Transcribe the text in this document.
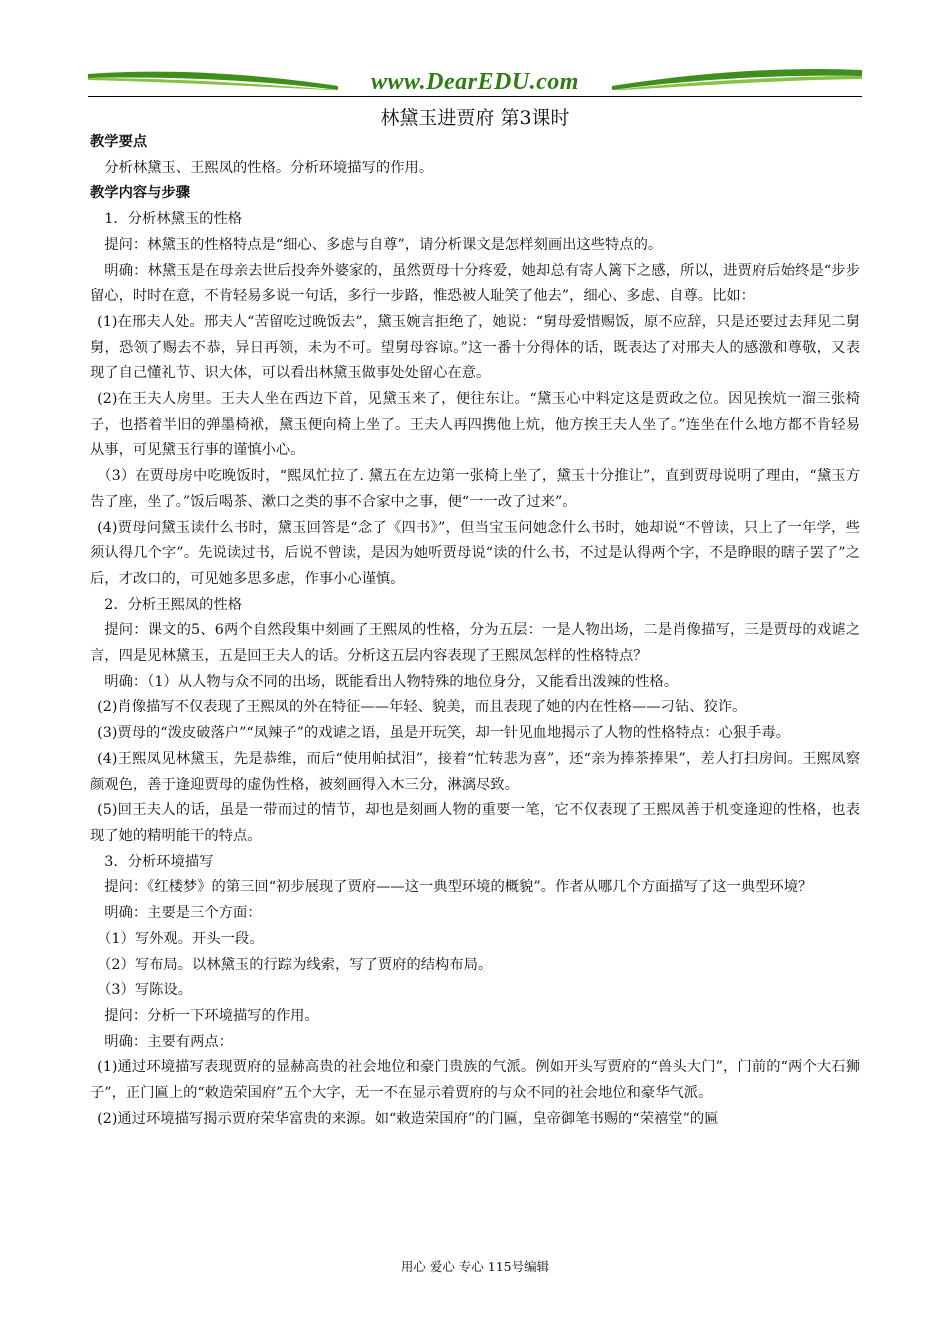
www.DearEDU.com
林黛玉进贾府 第3课时

教学要点

分析林黛玉、王熙凤的性格。分析环境描写的作用。

教学内容与步骤

1．分析林黛玉的性格

提问：林黛玉的性格特点是“细心、多虑与自尊”，请分析课文是怎样刻画出这些特点的。

明确：林黛玉是在母亲去世后投奔外婆家的，虽然贾母十分疼爱，她却总有寄人篱下之感，所以，进贾府后始终是“步步留心，时时在意，不肯轻易多说一句话，多行一步路，惟恐被人耻笑了他去”，细心、多虑、自尊。比如：

(1)在邢夫人处。邢夫人“苦留吃过晚饭去”，黛玉婉言拒绝了，她说：“舅母爱惜赐饭，原不应辞，只是还要过去拜见二舅舅，恐领了赐去不恭，异日再领，未为不可。望舅母容谅。”这一番十分得体的话，既表达了对邢夫人的感激和尊敬，又表现了自己懂礼节、识大体，可以看出林黛玉做事处处留心在意。

(2)在王夫人房里。王夫人坐在西边下首，见黛玉来了，便往东让。“黛玉心中料定这是贾政之位。因见挨炕一溜三张椅子，也搭着半旧的弹墨椅袱，黛玉便向椅上坐了。王夫人再四携他上炕，他方挨王夫人坐了。”连坐在什么地方都不肯轻易从事，可见黛玉行事的谨慎小心。

（3）在贾母房中吃晚饭时，“熙凤忙拉了. 黛五在左边第一张椅上坐了，黛玉十分推让”，直到贾母说明了理由，“黛玉方告了座，坐了。”饭后喝茶、漱口之类的事不合家中之事，便“一一改了过来”。

(4)贾母问黛玉读什么书时，黛玉回答是“念了《四书》”，但当宝玉问她念什么书时，她却说“不曾读，只上了一年学，些须认得几个字”。先说读过书，后说不曾读，是因为她听贾母说“读的什么书，不过是认得两个字，不是睁眼的瞎子罢了”之后，才改口的，可见她多思多虑，作事小心谨慎。

2．分析王熙凤的性格

提问：课文的5、6两个自然段集中刻画了王熙凤的性格，分为五层：一是人物出场，二是肖像描写，三是贾母的戏谑之言，四是见林黛玉，五是回王夫人的话。分析这五层内容表现了王熙凤怎样的性格特点？

明确：（1）从人物与众不同的出场，既能看出人物特殊的地位身分，又能看出泼辣的性格。

(2)肖像描写不仅表现了王熙凤的外在特征——年轻、貌美，而且表现了她的内在性格——刁钻、狡诈。

(3)贾母的“泼皮破落户”“凤辣子”的戏谑之语，虽是开玩笑，却一针见血地揭示了人物的性格特点：心狠手毒。

(4)王熙凤见林黛玉，先是恭维，而后“使用帕拭泪”，接着“忙转悲为喜”，还“亲为捧茶捧果”，差人打扫房间。王熙凤察颜观色，善于逢迎贾母的虚伪性格，被刻画得入木三分，淋漓尽致。

(5)回王夫人的话，虽是一带而过的情节，却也是刻画人物的重要一笔，它不仅表现了王熙凤善于机变逢迎的性格，也表现了她的精明能干的特点。

3．分析环境描写

提问：《红楼梦》的第三回“初步展现了贾府——这一典型环境的概貌”。作者从哪几个方面描写了这一典型环境？

明确：主要是三个方面：

（1）写外观。开头一段。

（2）写布局。以林黛玉的行踪为线索，写了贾府的结构布局。

（3）写陈设。

提问：分析一下环境描写的作用。

明确：主要有两点：

(1)通过环境描写表现贾府的显赫高贵的社会地位和豪门贵族的气派。例如开头写贾府的“兽头大门”，门前的“两个大石狮子”，正门匾上的“敕造荣国府”五个大字，无一不在显示着贾府的与众不同的社会地位和豪华气派。

(2)通过环境描写揭示贾府荣华富贵的来源。如“敕造荣国府”的门匾，皇帝御笔书赐的“荣禧堂”的匾

用心 爱心 专心 115号编辑
